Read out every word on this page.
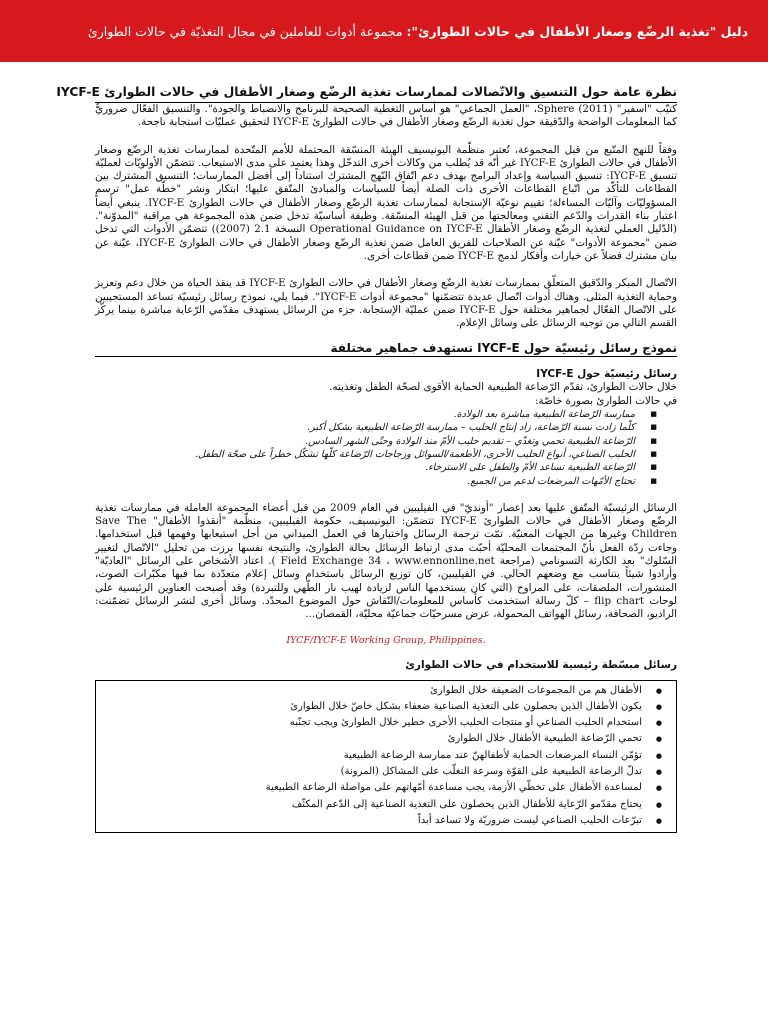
دليل "تغذية الرضّع وصغار الأطفال في حالات الطوارئ": مجموعة أدوات للعاملين في مجال التغذيّة في حالات الطوارئ
نظرة عامة حول التنسيق والاتّصالات لممارسات تغذية الرضّع وصغار الأطفال في حالات الطوارئ IYCF-E

كتيّب "اسفير" Sphere (2011)، "العمل الجماعي" هو أساس التغطية الصحيحة للبرنامج والانضباط والجودة". والتنسيق الفعّال ضروريٌّ كما المعلومات الواضحة والدّقيقة حول تغذية الرضّع وصغار الأطفال في حالات الطوارئ IYCF-E لتحقيق عمليّات استجابة ناجحة.

وفقاً للنهج المتّبع من قبل المجموعة، تُعتبر منظّمة اليونيسيف الهيئة المنسّقة المحتملة للأمم المتّحدة لممارسات تغذية الرضّع وصغار الأطفال في حالات الطوارئ IYCF-E غير أنّه قد يُطلب من وكالات أخرى التدخّل وهذا يعتمد على مدى الاستيعاب. تتضمّن الأولويّات لعمليّة تنسيق IYCF-E: تنسيق السياسة وإعداد البرامج بهدف دعم اتّفاق النّهج المشترك استناداً إلى أفضل الممارسات؛ التنسيق المشترك بين القطاعات للتأكّد من اتّباع القطاعات الأخرى ذات الصلة أيضاً للسياسات والمبادئ المتّفق عليها؛ ابتكار ونشر "خطّة عمل" ترسم المسؤوليّات وآليّات المساءلة؛ تقييم نوعيّة الإستجابة لممارسات تغذية الرضّع وصغار الأطفال في حالات الطوارئ IYCF-E. ينبغي أيضاً اعتبار بناء القدرات والدّعم التقني ومعالجتها من قبل الهيئة المنسّقة. وظيفة أساسيّة تدخل ضمن هذه المجموعة هي مراقبة "المدوّنة". (الدّليل العملي لتغذية الرضّع وصغار الأطفال Operational Guidance on IYCF-E النسخة 2.1 (2007)) تتضمّن الأدوات التي تدخل ضمن "مجموعة الأدوات" عيّنة عن الصلاحيات للفريق العامل ضمن تغذية الرضّع وصغار الأطفال في حالات الطوارئ IYCF-E، عيّنة عن بيان مشترك فضلاً عن خيارات وأفكار لدمج IYCF-E ضمن قطاعات أخرى.

الاتّصال المبكر والدّقيق المتعلّق بممارسات تغذية الرضّع وصغار الأطفال في حالات الطوارئ IYCF-E قد ينقذ الحياة من خلال دعم وتعزيز وحماية التغذية المثلى. وهناك أدوات اتّصال عديدة تتضمّنها "مجموعة أدوات IYCF-E". فيما يلي، نموذج رسائل رئيسيّة تساعد المستجيبين على الاتّصال الفعّال لجماهير مختلفة حول IYCF-E ضمن عمليّة الإستجابة. جزء من الرسائل يستهدف مقدّمي الرّعاية مباشرة بينما يركّز القسم التالي من توجيه الرسائل على وسائل الإعلام.

نموذج رسائل رئيسيّة حول IYCF-E تستهدف جماهير مختلفة
رسائل رئيسيّة حول IYCF-E

خلال حالات الطوارئ، تقدّم الرّضاعة الطبيعية الحماية الأقوى لصحّة الطفل وتغذيته.

في حالات الطوارئ بصورة خاصّة:

■ ممارسة الرّضاعة الطبيعية مباشرة بعد الولادة.
■ كلّما زادت نسبة الرّضاعة، زاد إنتاج الحليب – ممارسة الرّضاعة الطبيعية بشكل أكبر.
■ الرّضاعة الطبيعية تحمي وتغذّي – تقديم حليب الأمّ منذ الولادة وحتّى الشهر السادس.
■ الحليب الصناعي، أنواع الحليب الأخرى، الأطعمة/السوائل وزجاجات الرّضاعة كلّها تشكّل خطراً على صحّة الطفل.
■ الرّضاعة الطبيعية تساعد الأمّ والطفل على الاسترخاء.
■ تحتاج الأمّهات المرضعات لدعم من الجميع.

الرسائل الرئيسيّة المتّفق عليها بعد إعصار "أونديّ" في الفيليبين في العام 2009 من قبل أعضاء المجموعة العاملة في ممارسات تغذية الرضّع وصغار الأطفال في حالات الطوارئ IYCF-E تتضمّن: اليونيسيف، حكومة الفيليبين، منظّمة "أنقذوا الأطفال" Save The Children وغيرها من الجهات المعنيّة. تمّت ترجمة الرسائل واختبارها في العمل الميداني من أجل استيعابها وفهمها قبل استخدامها. وجاءت ردّة الفعل بأنّ المجتمعات المحليّة أحبّت مدى ارتباط الرسائل بحالة الطوارئ، والنتيجة نفسها برزت من تحليل "الاتّصال لتغيير السّلوك" بعد الكارثة التسونامي (مراجعة Field Exchange 34 ، www.ennonline.net ). اعتاد الأشخاص على الرسائل "العاديّة" وأرادوا شيئاً يتناسب مع وضعهم الحالي. في الفيليبين، كان توزيع الرسائل باستخدام وسائل إعلام متعدّدة بما فيها مكبّرات الصوت، المنشورات، الملصقات، على المراوح (التي كان يستخدمها الناس لزيادة لهيب نار الطّهي وللتبردة) وقد أصبحت العناوين الرئيسية على لوحات flip chart – كلّ رسالة استخدمت كأساس للمعلومات/النّقاش حول الموضوع المحدّد. وسائل أخرى لنشر الرسائل تضمّنت: الراديو، الصحافة، رسائل الهواتف المحمولة، عرض مسرحيّات جماعيّة محليّة، القمصان...

IYCF/IYCF-E Working Group, Philippines.
رسائل مبسّطة رئيسية للاستخدام في حالات الطوارئ
● الأطفال هم من المجموعات الضعيفة خلال الطوارئ
● يكون الأطفال الذين يحصلون على التغذية الصناعية ضعفاء بشكل خاصّ خلال الطوارئ
● استخدام الحليب الصناعي أو منتجات الحليب الأخرى خطير خلال الطوارئ ويجب تجنّبه
● تحمي الرّضاعة الطبيعية الأطفال خلال الطوارئ
● تؤمّن النساء المرضعات الحماية لأطفالهنّ عند ممارسة الرضاعة الطبيعية
● تدلّ الرضاعة الطبيعية على القوّة وسرعة التغلّب على المشاكل (المرونة)
● لمساعدة الأطفال على تخطّي الأزمة، يجب مساعدة أمّهاتهم على مواصلة الرضاعة الطبيعية
● يحتاج مقدّمو الرّعاية للأطفال الذين يحصلون على التغذية الصناعية إلى الدّعم المكثّف
● تبرّعات الحليب الصناعي ليست ضروريّة ولا تساعد أبداً
